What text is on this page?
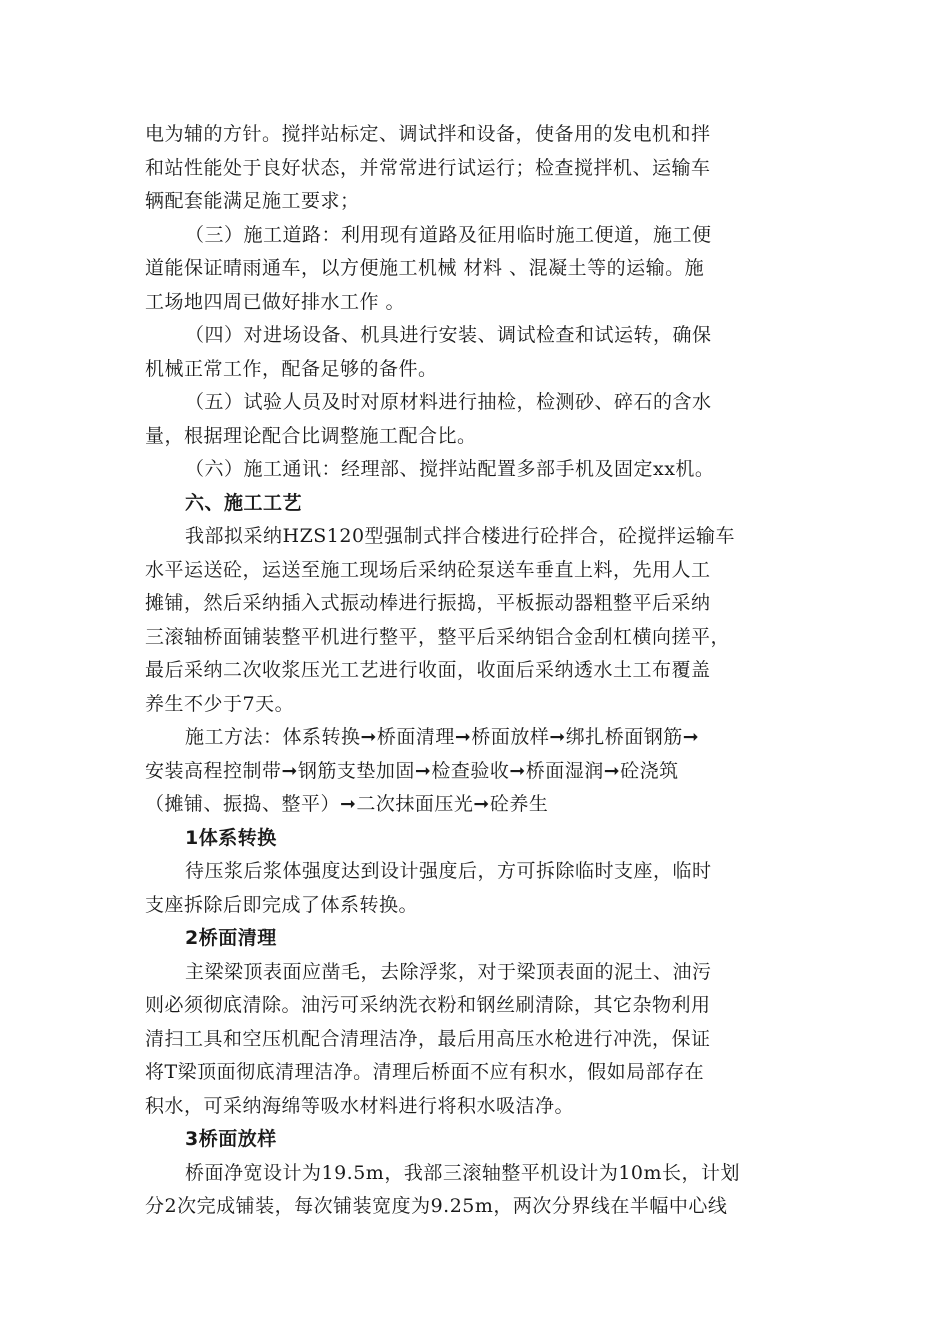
电为辅的方针。搅拌站标定、调试拌和设备，使备用的发电机和拌
和站性能处于良好状态，并常常进行试运行；检查搅拌机、运输车
辆配套能满足施工要求；
（三）施工道路：利用现有道路及征用临时施工便道，施工便
道能保证晴雨通车，以方便施工机械 材料 、混凝土等的运输。施
工场地四周已做好排水工作 。
（四）对进场设备、机具进行安装、调试检查和试运转，确保
机械正常工作，配备足够的备件。
（五）试验人员及时对原材料进行抽检，检测砂、碎石的含水
量，根据理论配合比调整施工配合比。
（六）施工通讯：经理部、搅拌站配置多部手机及固定xx机。
六、施工工艺
我部拟采纳HZS120型强制式拌合楼进行砼拌合，砼搅拌运输车
水平运送砼，运送至施工现场后采纳砼泵送车垂直上料，先用人工
摊铺，然后采纳插入式振动棒进行振捣，平板振动器粗整平后采纳
三滚轴桥面铺装整平机进行整平，整平后采纳铝合金刮杠横向搓平，
最后采纳二次收浆压光工艺进行收面，收面后采纳透水土工布覆盖
养生不少于7天。
施工方法：体系转换➞桥面清理➞桥面放样➞绑扎桥面钢筋➞
安装高程控制带➞钢筋支垫加固➞检查验收➞桥面湿润➞砼浇筑
（摊铺、振捣、整平）➞二次抹面压光➞砼养生
1体系转换
待压浆后浆体强度达到设计强度后，方可拆除临时支座，临时
支座拆除后即完成了体系转换。
2桥面清理
主梁梁顶表面应凿毛，去除浮浆，对于梁顶表面的泥土、油污
则必须彻底清除。油污可采纳洗衣粉和钢丝刷清除，其它杂物利用
清扫工具和空压机配合清理洁净，最后用高压水枪进行冲洗，保证
将T梁顶面彻底清理洁净。清理后桥面不应有积水，假如局部存在
积水，可采纳海绵等吸水材料进行将积水吸洁净。
3桥面放样
桥面净宽设计为19.5m，我部三滚轴整平机设计为10m长，计划
分2次完成铺装，每次铺装宽度为9.25m，两次分界线在半幅中心线
